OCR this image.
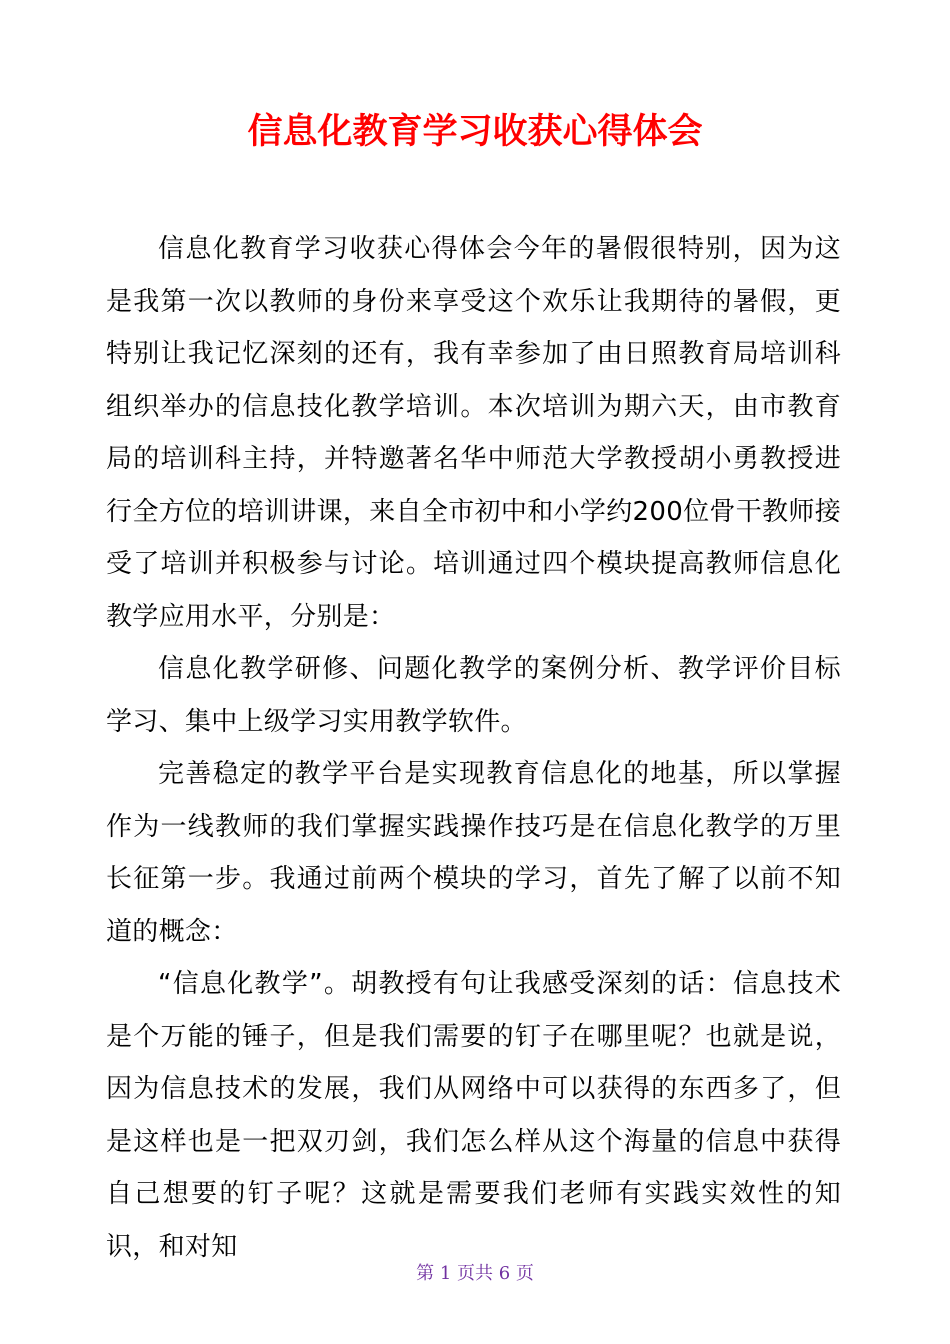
信息化教育学习收获心得体会

信息化教育学习收获心得体会今年的暑假很特别，因为这是我第一次以教师的身份来享受这个欢乐让我期待的暑假，更特别让我记忆深刻的还有，我有幸参加了由日照教育局培训科组织举办的信息技化教学培训。本次培训为期六天，由市教育局的培训科主持，并特邀著名华中师范大学教授胡小勇教授进行全方位的培训讲课，来自全市初中和小学约200位骨干教师接受了培训并积极参与讨论。培训通过四个模块提高教师信息化教学应用水平，分别是：

信息化教学研修、问题化教学的案例分析、教学评价目标学习、集中上级学习实用教学软件。

完善稳定的教学平台是实现教育信息化的地基，所以掌握作为一线教师的我们掌握实践操作技巧是在信息化教学的万里长征第一步。我通过前两个模块的学习，首先了解了以前不知道的概念：

“信息化教学”。胡教授有句让我感受深刻的话：信息技术是个万能的锤子，但是我们需要的钉子在哪里呢？也就是说，因为信息技术的发展，我们从网络中可以获得的东西多了，但是这样也是一把双刃剑，我们怎么样从这个海量的信息中获得自己想要的钉子呢？这就是需要我们老师有实践实效性的知识，和对知

第 1 页共 6 页
